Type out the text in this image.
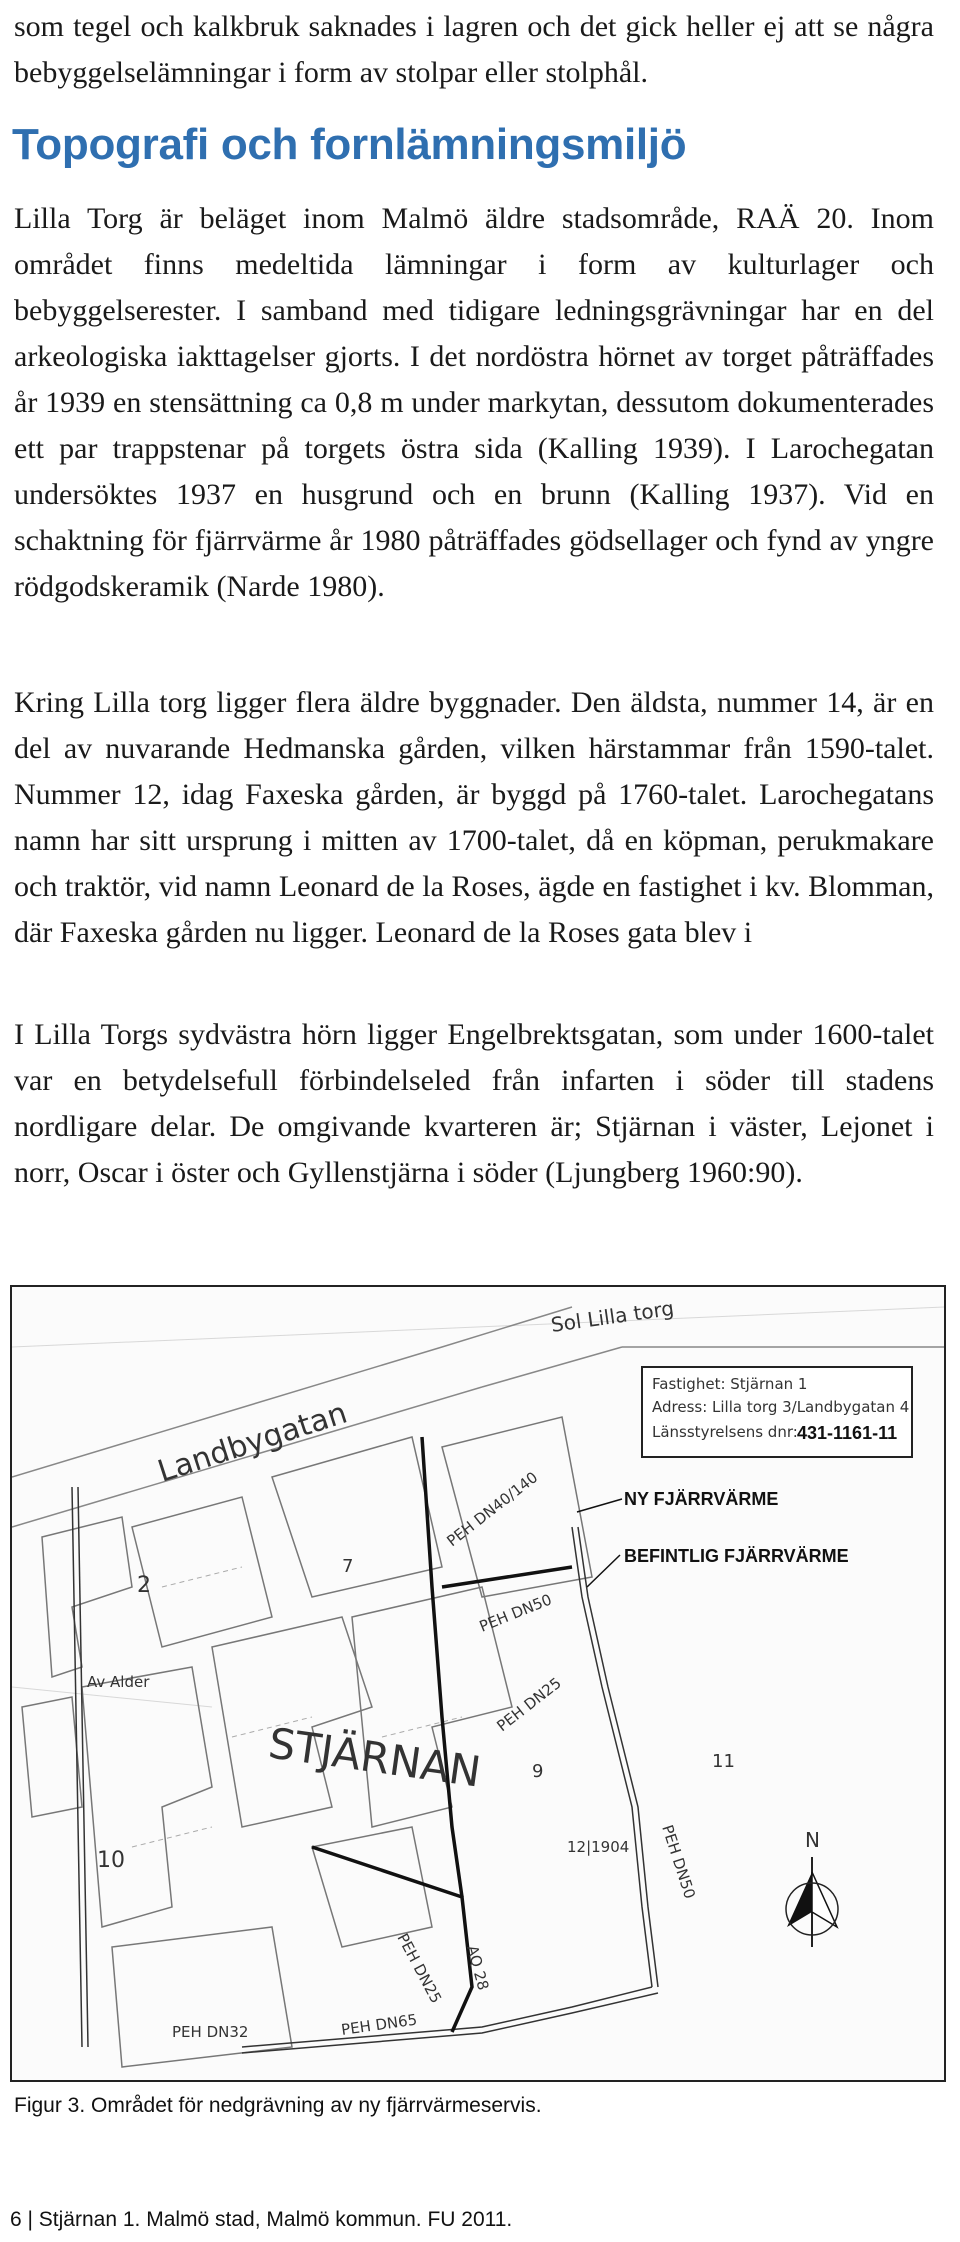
som tegel och kalkbruk saknades i lagren och det gick heller ej att se några bebyggelselämningar i form av stolpar eller stolphål.

Topografi och fornlämningsmiljö

Lilla Torg är beläget inom Malmö äldre stadsområde, RAÄ 20. Inom området finns medeltida lämningar i form av kulturlager och bebyggelserester. I samband med tidigare ledningsgrävningar har en del arkeologiska iakttagelser gjorts. I det nordöstra hörnet av torget påträffades år 1939 en stensättning ca 0,8 m under markytan, dessutom dokumenterades ett par trappstenar på torgets östra sida (Kalling 1939). I Larochegatan undersöktes 1937 en husgrund och en brunn (Kalling 1937). Vid en schaktning för fjärrvärme år 1980 påträffades gödsellager och fynd av yngre rödgodskeramik (Narde 1980).

Kring Lilla torg ligger flera äldre byggnader. Den äldsta, nummer 14, är en del av nuvarande Hedmanska gården, vilken härstammar från 1590-talet. Nummer 12, idag Faxeska gården, är byggd på 1760-talet. Larochegatans namn har sitt ursprung i mitten av 1700-talet, då en köpman, perukmakare och traktör, vid namn Leonard de la Roses, ägde en fastighet i kv. Blomman, där Faxeska gården nu ligger. Leonard de la Roses gata blev i

I Lilla Torgs sydvästra hörn ligger Engelbrektsgatan, som under 1600-talet var en betydelsefull förbindelseled från infarten i söder till stadens nordligare delar. De omgivande kvarteren är; Stjärnan i väster, Lejonet i norr, Oscar i öster och Gyllenstjärna i söder (Ljungberg 1960:90).

Sol Lilla torg
Landbygatan
STJÄRNAN
PEH DN40/140
PEH DN50
PEH DN25
PEH DN50
AQ 28
PEH DN25
PEH DN32	PEH DN65
2
10
12|1904
9	11
7
Av Alder
Fastighet: Stjärnan 1
Adress: Lilla torg 3/Landbygatan 4
Länsstyrelsens dnr: 431-1161-11
NY FJÄRRVÄRME
BEFINTLIG FJÄRRVÄRME
N
Figur 3. Området för nedgrävning av ny fjärrvärmeservis.
6 | Stjärnan 1. Malmö stad, Malmö kommun. FU 2011.
